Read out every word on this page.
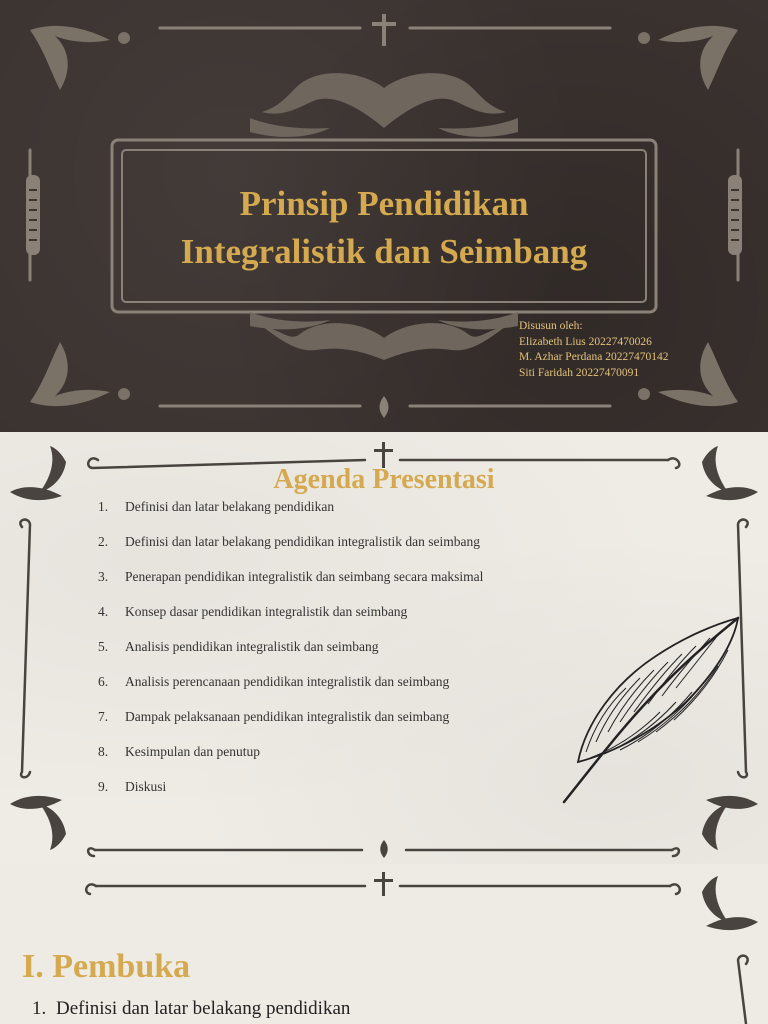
Prinsip Pendidikan
Integralistik dan Seimbang
Disusun oleh:
Elizabeth Lius 20227470026
M. Azhar Perdana 20227470142
Siti Faridah 20227470091
Agenda Presentasi
1.	Definisi dan latar belakang pendidikan
2.	Definisi dan latar belakang pendidikan integralistik dan seimbang
3.	Penerapan pendidikan integralistik dan seimbang secara maksimal
4.	Konsep dasar pendidikan integralistik dan seimbang
5.	Analisis pendidikan integralistik dan seimbang
6.	Analisis perencanaan pendidikan integralistik dan seimbang
7.	Dampak pelaksanaan pendidikan integralistik dan seimbang
8.	Kesimpulan dan penutup
9.	Diskusi
I. Pembuka
1. Definisi dan latar belakang pendidikan
